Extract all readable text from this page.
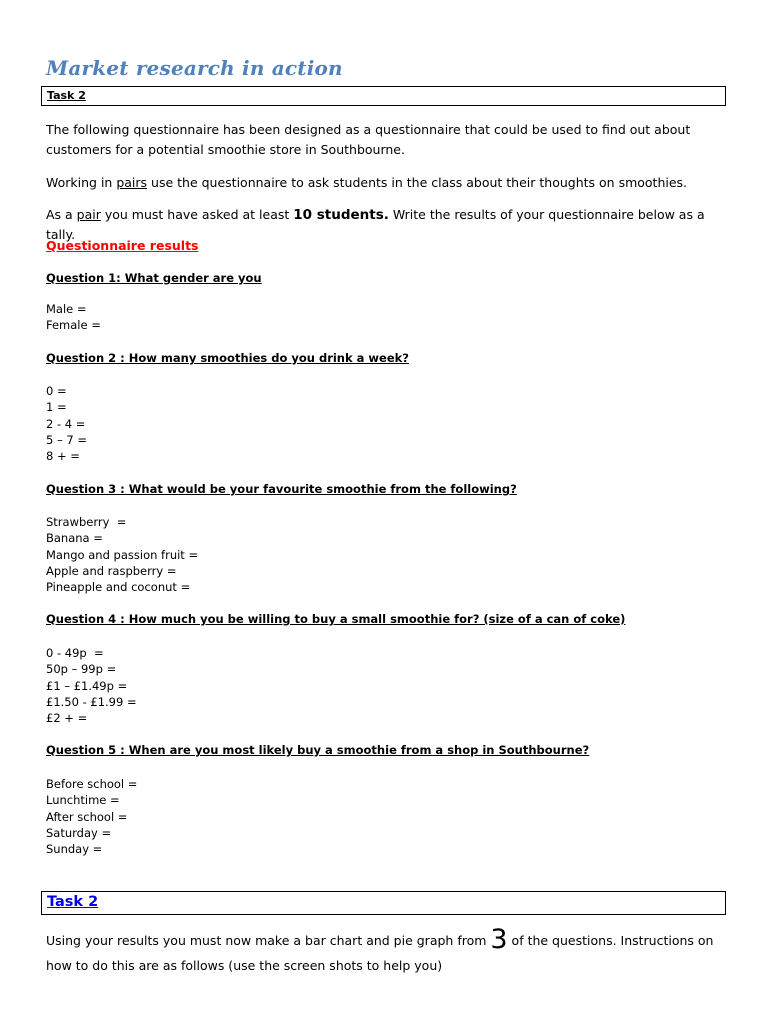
Market research in action
Task 2

The following questionnaire has been designed as a questionnaire that could be used to find out about customers for a potential smoothie store in Southbourne.

Working in pairs use the questionnaire to ask students in the class about their thoughts on smoothies.

As a pair you must have asked at least 10 students. Write the results of your questionnaire below as a tally.

Questionnaire results

Question 1: What gender are you

Male =
Female =

Question 2 : How many smoothies do you drink a week?

0 =
1 =
2 - 4 =
5 – 7 =
8 + =

Question 3 : What would be your favourite smoothie from the following?

Strawberry  =
Banana =
Mango and passion fruit =
Apple and raspberry =
Pineapple and coconut =

Question 4 : How much you be willing to buy a small smoothie for? (size of a can of coke)

0 - 49p  =
50p – 99p =
£1 – £1.49p =
£1.50 - £1.99 =
£2 + =

Question 5 : When are you most likely buy a smoothie from a shop in Southbourne?

Before school =
Lunchtime =
After school =
Saturday =
Sunday =
Task 2

Using your results you must now make a bar chart and pie graph from 3 of the questions. Instructions on how to do this are as follows (use the screen shots to help you)
